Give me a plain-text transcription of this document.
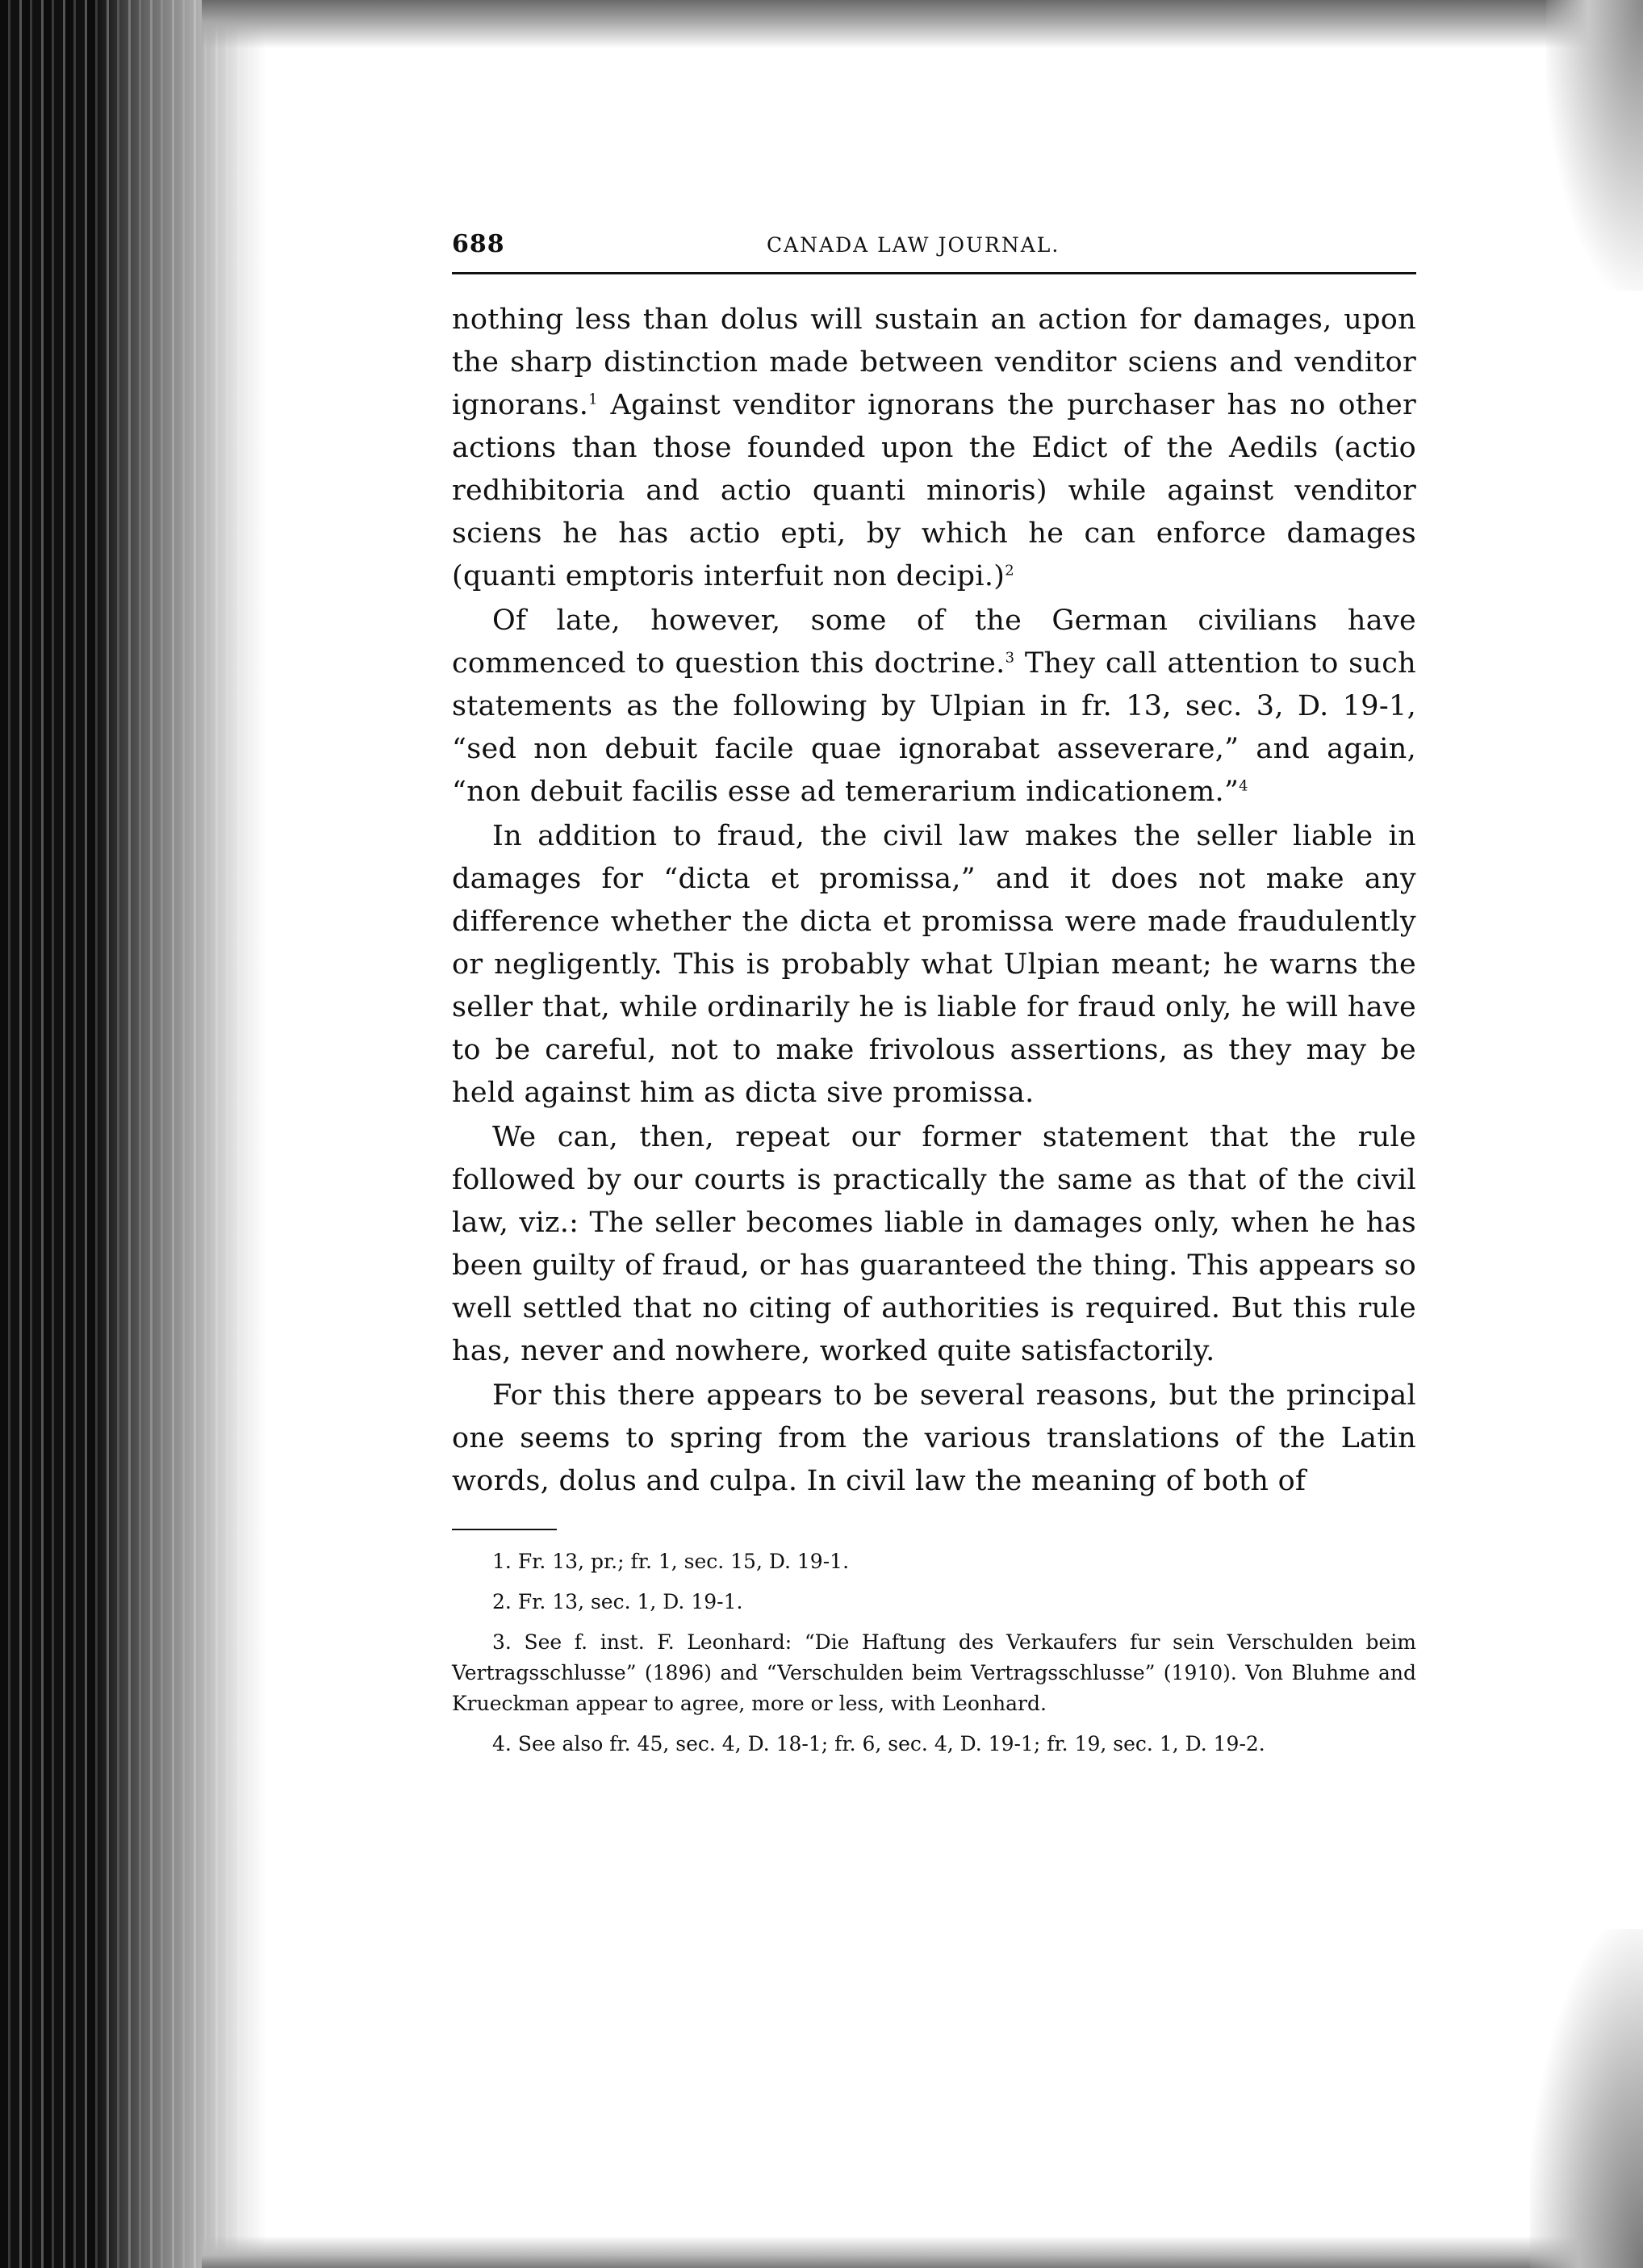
688	CANADA LAW JOURNAL.

nothing less than dolus will sustain an action for damages, upon the sharp distinction made between venditor sciens and venditor ignorans.$^1$ Against venditor ignorans the purchaser has no other actions than those founded upon the Edict of the Aedils (actio redhibitoria and actio quanti minoris) while against venditor sciens he has actio epti, by which he can enforce damages (quanti emptoris interfuit non decipi.)$^2$

Of late, however, some of the German civilians have commenced to question this doctrine.$^3$ They call attention to such statements as the following by Ulpian in fr. 13, sec. 3, D. 19-1, “sed non debuit facile quae ignorabat asseverare,” and again, “non debuit facilis esse ad temerarium indicationem.”$^4$

In addition to fraud, the civil law makes the seller liable in damages for “dicta et promissa,” and it does not make any difference whether the dicta et promissa were made fraudulently or negligently. This is probably what Ulpian meant; he warns the seller that, while ordinarily he is liable for fraud only, he will have to be careful, not to make frivolous assertions, as they may be held against him as dicta sive promissa.

We can, then, repeat our former statement that the rule followed by our courts is practically the same as that of the civil law, viz.: The seller becomes liable in damages only, when he has been guilty of fraud, or has guaranteed the thing. This appears so well settled that no citing of authorities is required. But this rule has, never and nowhere, worked quite satisfactorily.

For this there appears to be several reasons, but the principal one seems to spring from the various translations of the Latin words, dolus and culpa. In civil law the meaning of both of

1. Fr. 13, pr.; fr. 1, sec. 15, D. 19-1.

2. Fr. 13, sec. 1, D. 19-1.

3. See f. inst. F. Leonhard: “Die Haftung des Verkaufers fur sein Verschulden beim Vertragsschlusse” (1896) and “Verschulden beim Vertragsschlusse” (1910). Von Bluhme and Krueckman appear to agree, more or less, with Leonhard.

4. See also fr. 45, sec. 4, D. 18-1; fr. 6, sec. 4, D. 19-1; fr. 19, sec. 1, D. 19-2.
